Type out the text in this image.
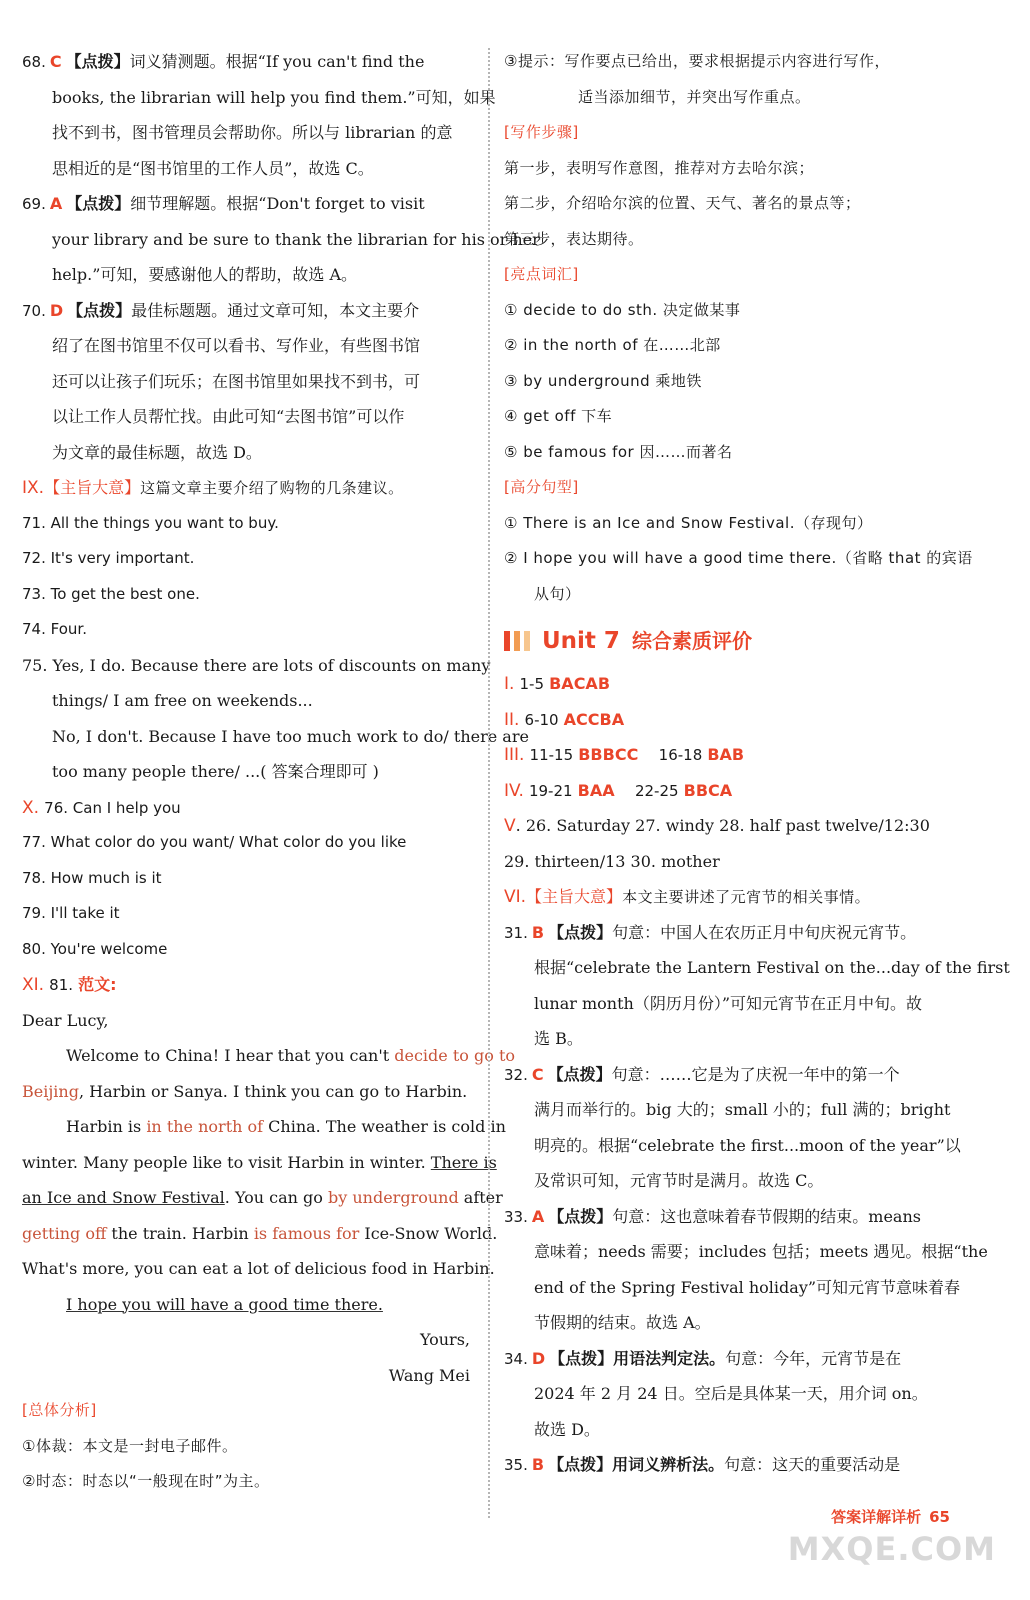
68. C 【点拨】词义猜测题。根据“If you can't find the
books, the librarian will help you find them.”可知，如果
找不到书，图书管理员会帮助你。所以与 librarian 的意
思相近的是“图书馆里的工作人员”，故选 C。
69. A 【点拨】细节理解题。根据“Don't forget to visit
your library and be sure to thank the librarian for his or her
help.”可知，要感谢他人的帮助，故选 A。
70. D 【点拨】最佳标题题。通过文章可知，本文主要介
绍了在图书馆里不仅可以看书、写作业，有些图书馆
还可以让孩子们玩乐；在图书馆里如果找不到书，可
以让工作人员帮忙找。由此可知“去图书馆”可以作
为文章的最佳标题，故选 D。
IX.【主旨大意】这篇文章主要介绍了购物的几条建议。
71. All the things you want to buy.
72. It's very important.
73. To get the best one.
74. Four.
75. Yes, I do. Because there are lots of discounts on many
things/ I am free on weekends...
No, I don't. Because I have too much work to do/ there are
too many people there/ ...( 答案合理即可 )
X. 76. Can I help you
77. What color do you want/ What color do you like
78. How much is it
79. I'll take it
80. You're welcome
XI. 81. 范文:
Dear Lucy,
Welcome to China! I hear that you can't decide to go to
Beijing, Harbin or Sanya. I think you can go to Harbin.
Harbin is in the north of China. The weather is cold in
winter. Many people like to visit Harbin in winter. There is
an Ice and Snow Festival. You can go by underground after
getting off the train. Harbin is famous for Ice-Snow World.
What's more, you can eat a lot of delicious food in Harbin.
I hope you will have a good time there.
Yours,
Wang Mei
[总体分析]
①体裁：本文是一封电子邮件。
②时态：时态以“一般现在时”为主。
③提示：写作要点已给出，要求根据提示内容进行写作，
适当添加细节，并突出写作重点。
[写作步骤]
第一步，表明写作意图，推荐对方去哈尔滨；
第二步，介绍哈尔滨的位置、天气、著名的景点等；
第三步，表达期待。
[亮点词汇]
① decide to do sth. 决定做某事
② in the north of 在……北部
③ by underground 乘地铁
④ get off 下车
⑤ be famous for 因……而著名
[高分句型]
① There is an Ice and Snow Festival.（存现句）
② I hope you will have a good time there.（省略 that 的宾语
从句）
Unit 7 综合素质评价
I. 1-5 BACAB
II. 6-10 ACCBA
III. 11-15 BBBCC 16-18 BAB
IV. 19-21 BAA 22-25 BBCA
V. 26. Saturday 27. windy 28. half past twelve/12:30
29. thirteen/13 30. mother
VI.【主旨大意】本文主要讲述了元宵节的相关事情。
31. B 【点拨】句意：中国人在农历正月中旬庆祝元宵节。
根据“celebrate the Lantern Festival on the...day of the first
lunar month（阴历月份）”可知元宵节在正月中旬。故
选 B。
32. C 【点拨】句意：……它是为了庆祝一年中的第一个
满月而举行的。big 大的；small 小的；full 满的；bright
明亮的。根据“celebrate the first...moon of the year”以
及常识可知，元宵节时是满月。故选 C。
33. A 【点拨】句意：这也意味着春节假期的结束。means
意味着；needs 需要；includes 包括；meets 遇见。根据“the
end of the Spring Festival holiday”可知元宵节意味着春
节假期的结束。故选 A。
34. D 【点拨】用语法判定法。句意：今年，元宵节是在
2024 年 2 月 24 日。空后是具体某一天，用介词 on。
故选 D。
35. B 【点拨】用词义辨析法。句意：这天的重要活动是
答案详解详析 65
MXQE.COM
